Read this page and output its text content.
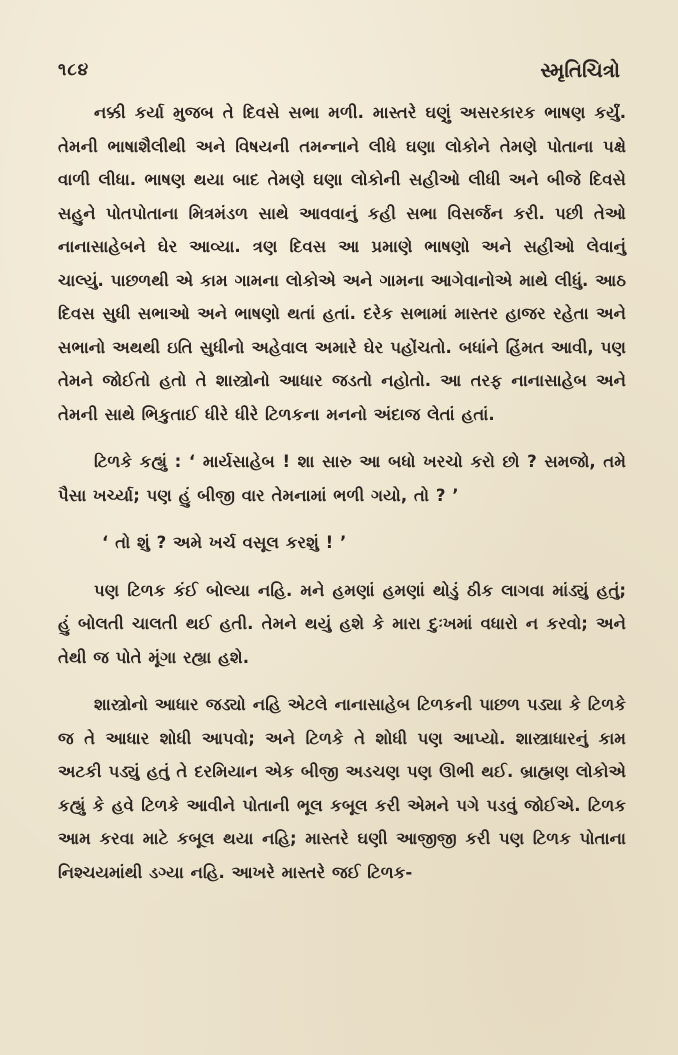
૧૮૪	સ્મૃતિચિત્રો

નક્કી કર્યા મુજબ તે દિવસે સભા મળી. માસ્તરે ઘણું અસરકારક ભાષણ કર્યું. તેમની ભાષાશૈલીથી અને વિષયની તમન્નાને લીધે ઘણા લોકોને તેમણે પોતાના પક્ષે વાળી લીધા. ભાષણ થયા બાદ તેમણે ઘણા લોકોની સહીઓ લીધી અને બીજે દિવસે સહુને પોતપોતાના મિત્રમંડળ સાથે આવવાનું કહી સભા વિસર્જન કરી. પછી તેઓ નાનાસાહેબને ઘેર આવ્યા. ત્રણ દિવસ આ પ્રમાણે ભાષણો અને સહીઓ લેવાનું ચાલ્યું. પાછળથી એ કામ ગામના લોકોએ અને ગામના આગેવાનોએ માથે લીધું. આઠ દિવસ સુધી સભાઓ અને ભાષણો થતાં હતાં. દરેક સભામાં માસ્તર હાજર રહેતા અને સભાનો અથથી ઇતિ સુધીનો અહેવાલ અમારે ઘેર પહોંચતો. બધાંને હિંમત આવી, પણ તેમને જોઈતો હતો તે શાસ્ત્રોનો આધાર જડતો નહોતો. આ તરફ નાનાસાહેબ અને તેમની સાથે ભિકુતાઈ ધીરે ધીરે ટિળકના મનનો અંદાજ લેતાં હતાં.

ટિળકે કહ્યું : ‘ માર્યસાહેબ ! શા સારુ આ બધો ખરચો કરો છો ? સમજો, તમે પૈસા ખર્ચ્યા; પણ હું બીજી વાર તેમનામાં ભળી ગયો, તો ? ’

‘ તો શું ? અમે ખર્ચ વસૂલ કરશું ! ’

પણ ટિળક કંઈ બોલ્યા નહિ. મને હમણાં હમણાં થોડું ઠીક લાગવા માંડ્યું હતું; હું બોલતી ચાલતી થઈ હતી. તેમને થયું હશે કે મારા દુઃખમાં વધારો ન કરવો; અને તેથી જ પોતે મૂંગા રહ્યા હશે.

શાસ્ત્રોનો આધાર જડ્યો નહિ એટલે નાનાસાહેબ ટિળકની પાછળ પડ્યા કે ટિળકે જ તે આધાર શોધી આપવો; અને ટિળકે તે શોધી પણ આપ્યો. શાસ્ત્રાધારનું કામ અટકી પડ્યું હતું તે દરમિયાન એક બીજી અડચણ પણ ઊભી થઈ. બ્રાહ્મણ લોકોએ કહ્યું કે હવે ટિળકે આવીને પોતાની ભૂલ કબૂલ કરી એમને પગે પડવું જોઈએ. ટિળક આમ કરવા માટે કબૂલ થયા નહિ; માસ્તરે ઘણી આજીજી કરી પણ ટિળક પોતાના નિશ્ચયમાંથી ડગ્યા નહિ. આખરે માસ્તરે જઈ ટિળક-
